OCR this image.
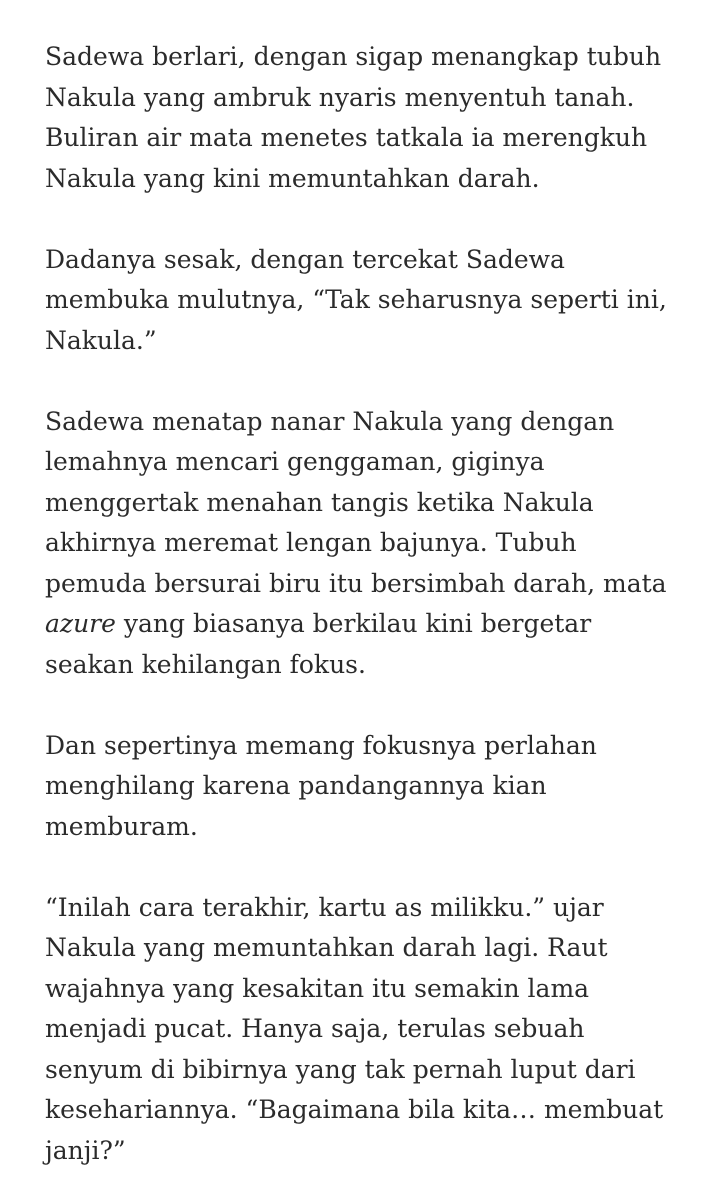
Sadewa berlari, dengan sigap menangkap tubuh Nakula yang ambruk nyaris menyentuh tanah. Buliran air mata menetes tatkala ia merengkuh Nakula yang kini memuntahkan darah.

Dadanya sesak, dengan tercekat Sadewa membuka mulutnya, “Tak seharusnya seperti ini, Nakula.”

Sadewa menatap nanar Nakula yang dengan lemahnya mencari genggaman, giginya menggertak menahan tangis ketika Nakula akhirnya meremat lengan bajunya. Tubuh pemuda bersurai biru itu bersimbah darah, mata azure yang biasanya berkilau kini bergetar seakan kehilangan fokus.

Dan sepertinya memang fokusnya perlahan menghilang karena pandangannya kian memburam.

“Inilah cara terakhir, kartu as milikku.” ujar Nakula yang memuntahkan darah lagi. Raut wajahnya yang kesakitan itu semakin lama menjadi pucat. Hanya saja, terulas sebuah senyum di bibirnya yang tak pernah luput dari kesehariannya. “Bagaimana bila kita… membuat janji?”
